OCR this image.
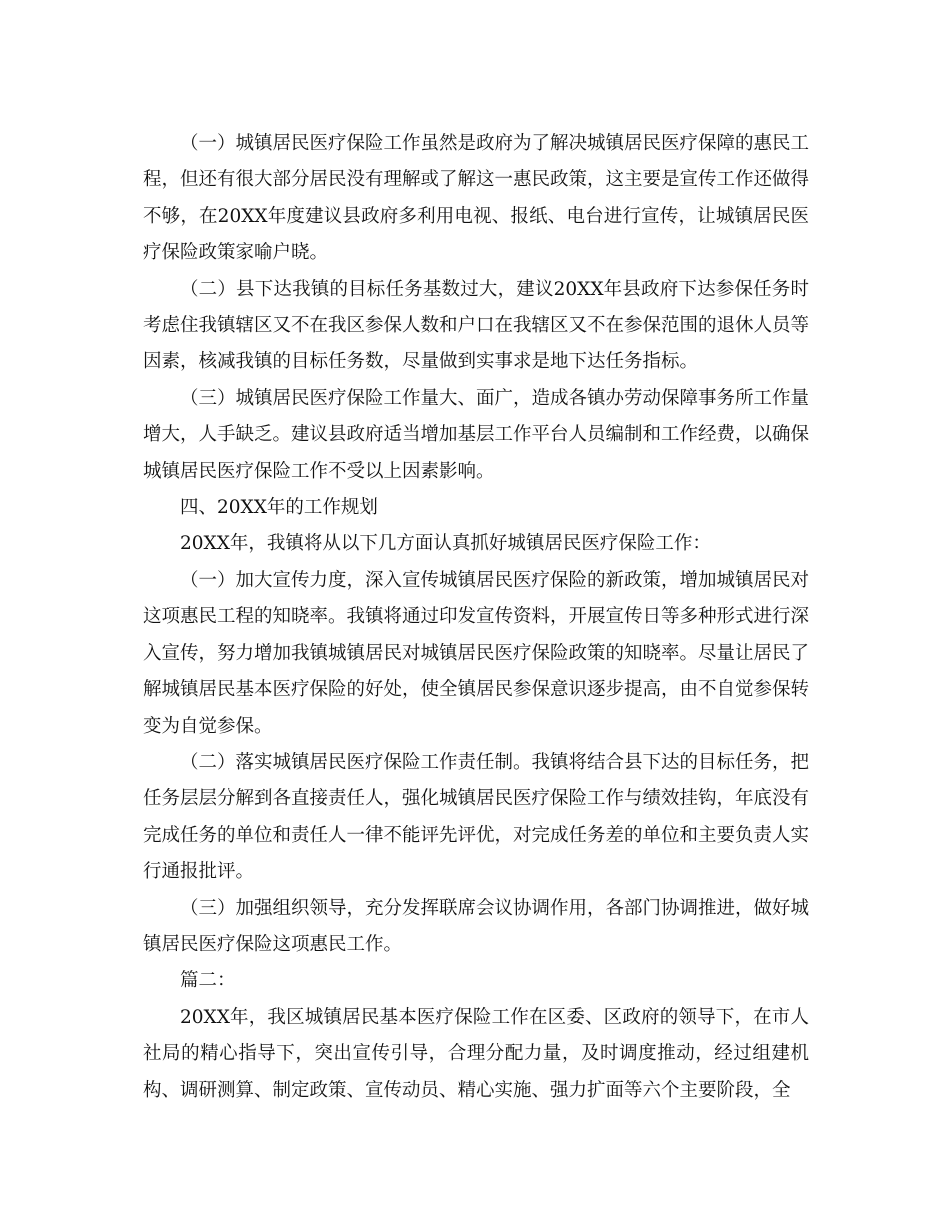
（一）城镇居民医疗保险工作虽然是政府为了解决城镇居民医疗保障的惠民工程，但还有很大部分居民没有理解或了解这一惠民政策，这主要是宣传工作还做得不够，在20XX年度建议县政府多利用电视、报纸、电台进行宣传，让城镇居民医疗保险政策家喻户晓。

（二）县下达我镇的目标任务基数过大，建议20XX年县政府下达参保任务时考虑住我镇辖区又不在我区参保人数和户口在我辖区又不在参保范围的退休人员等因素，核减我镇的目标任务数，尽量做到实事求是地下达任务指标。

（三）城镇居民医疗保险工作量大、面广，造成各镇办劳动保障事务所工作量增大，人手缺乏。建议县政府适当增加基层工作平台人员编制和工作经费，以确保城镇居民医疗保险工作不受以上因素影响。

四、20XX年的工作规划

20XX年，我镇将从以下几方面认真抓好城镇居民医疗保险工作：

（一）加大宣传力度，深入宣传城镇居民医疗保险的新政策，增加城镇居民对这项惠民工程的知晓率。我镇将通过印发宣传资料，开展宣传日等多种形式进行深入宣传，努力增加我镇城镇居民对城镇居民医疗保险政策的知晓率。尽量让居民了解城镇居民基本医疗保险的好处，使全镇居民参保意识逐步提高，由不自觉参保转变为自觉参保。

（二）落实城镇居民医疗保险工作责任制。我镇将结合县下达的目标任务，把任务层层分解到各直接责任人，强化城镇居民医疗保险工作与绩效挂钩，年底没有完成任务的单位和责任人一律不能评先评优，对完成任务差的单位和主要负责人实行通报批评。

（三）加强组织领导，充分发挥联席会议协调作用，各部门协调推进，做好城镇居民医疗保险这项惠民工作。

篇二：

20XX年，我区城镇居民基本医疗保险工作在区委、区政府的领导下，在市人社局的精心指导下，突出宣传引导，合理分配力量，及时调度推动，经过组建机构、调研测算、制定政策、宣传动员、精心实施、强力扩面等六个主要阶段，全
